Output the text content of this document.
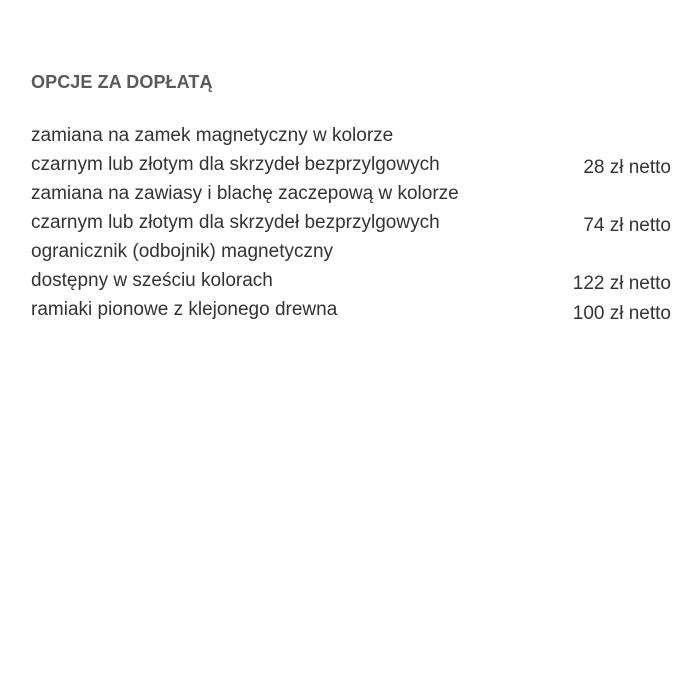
OPCJE ZA DOPŁATĄ
zamiana na zamek magnetyczny w kolorze
czarnym lub złotym dla skrzydeł bezprzylgowych	28 zł netto
zamiana na zawiasy i blachę zaczepową w kolorze
czarnym lub złotym dla skrzydeł bezprzylgowych	74 zł netto
ogranicznik (odbojnik) magnetyczny
dostępny w sześciu kolorach	122 zł netto
ramiaki pionowe z klejonego drewna	100 zł netto
